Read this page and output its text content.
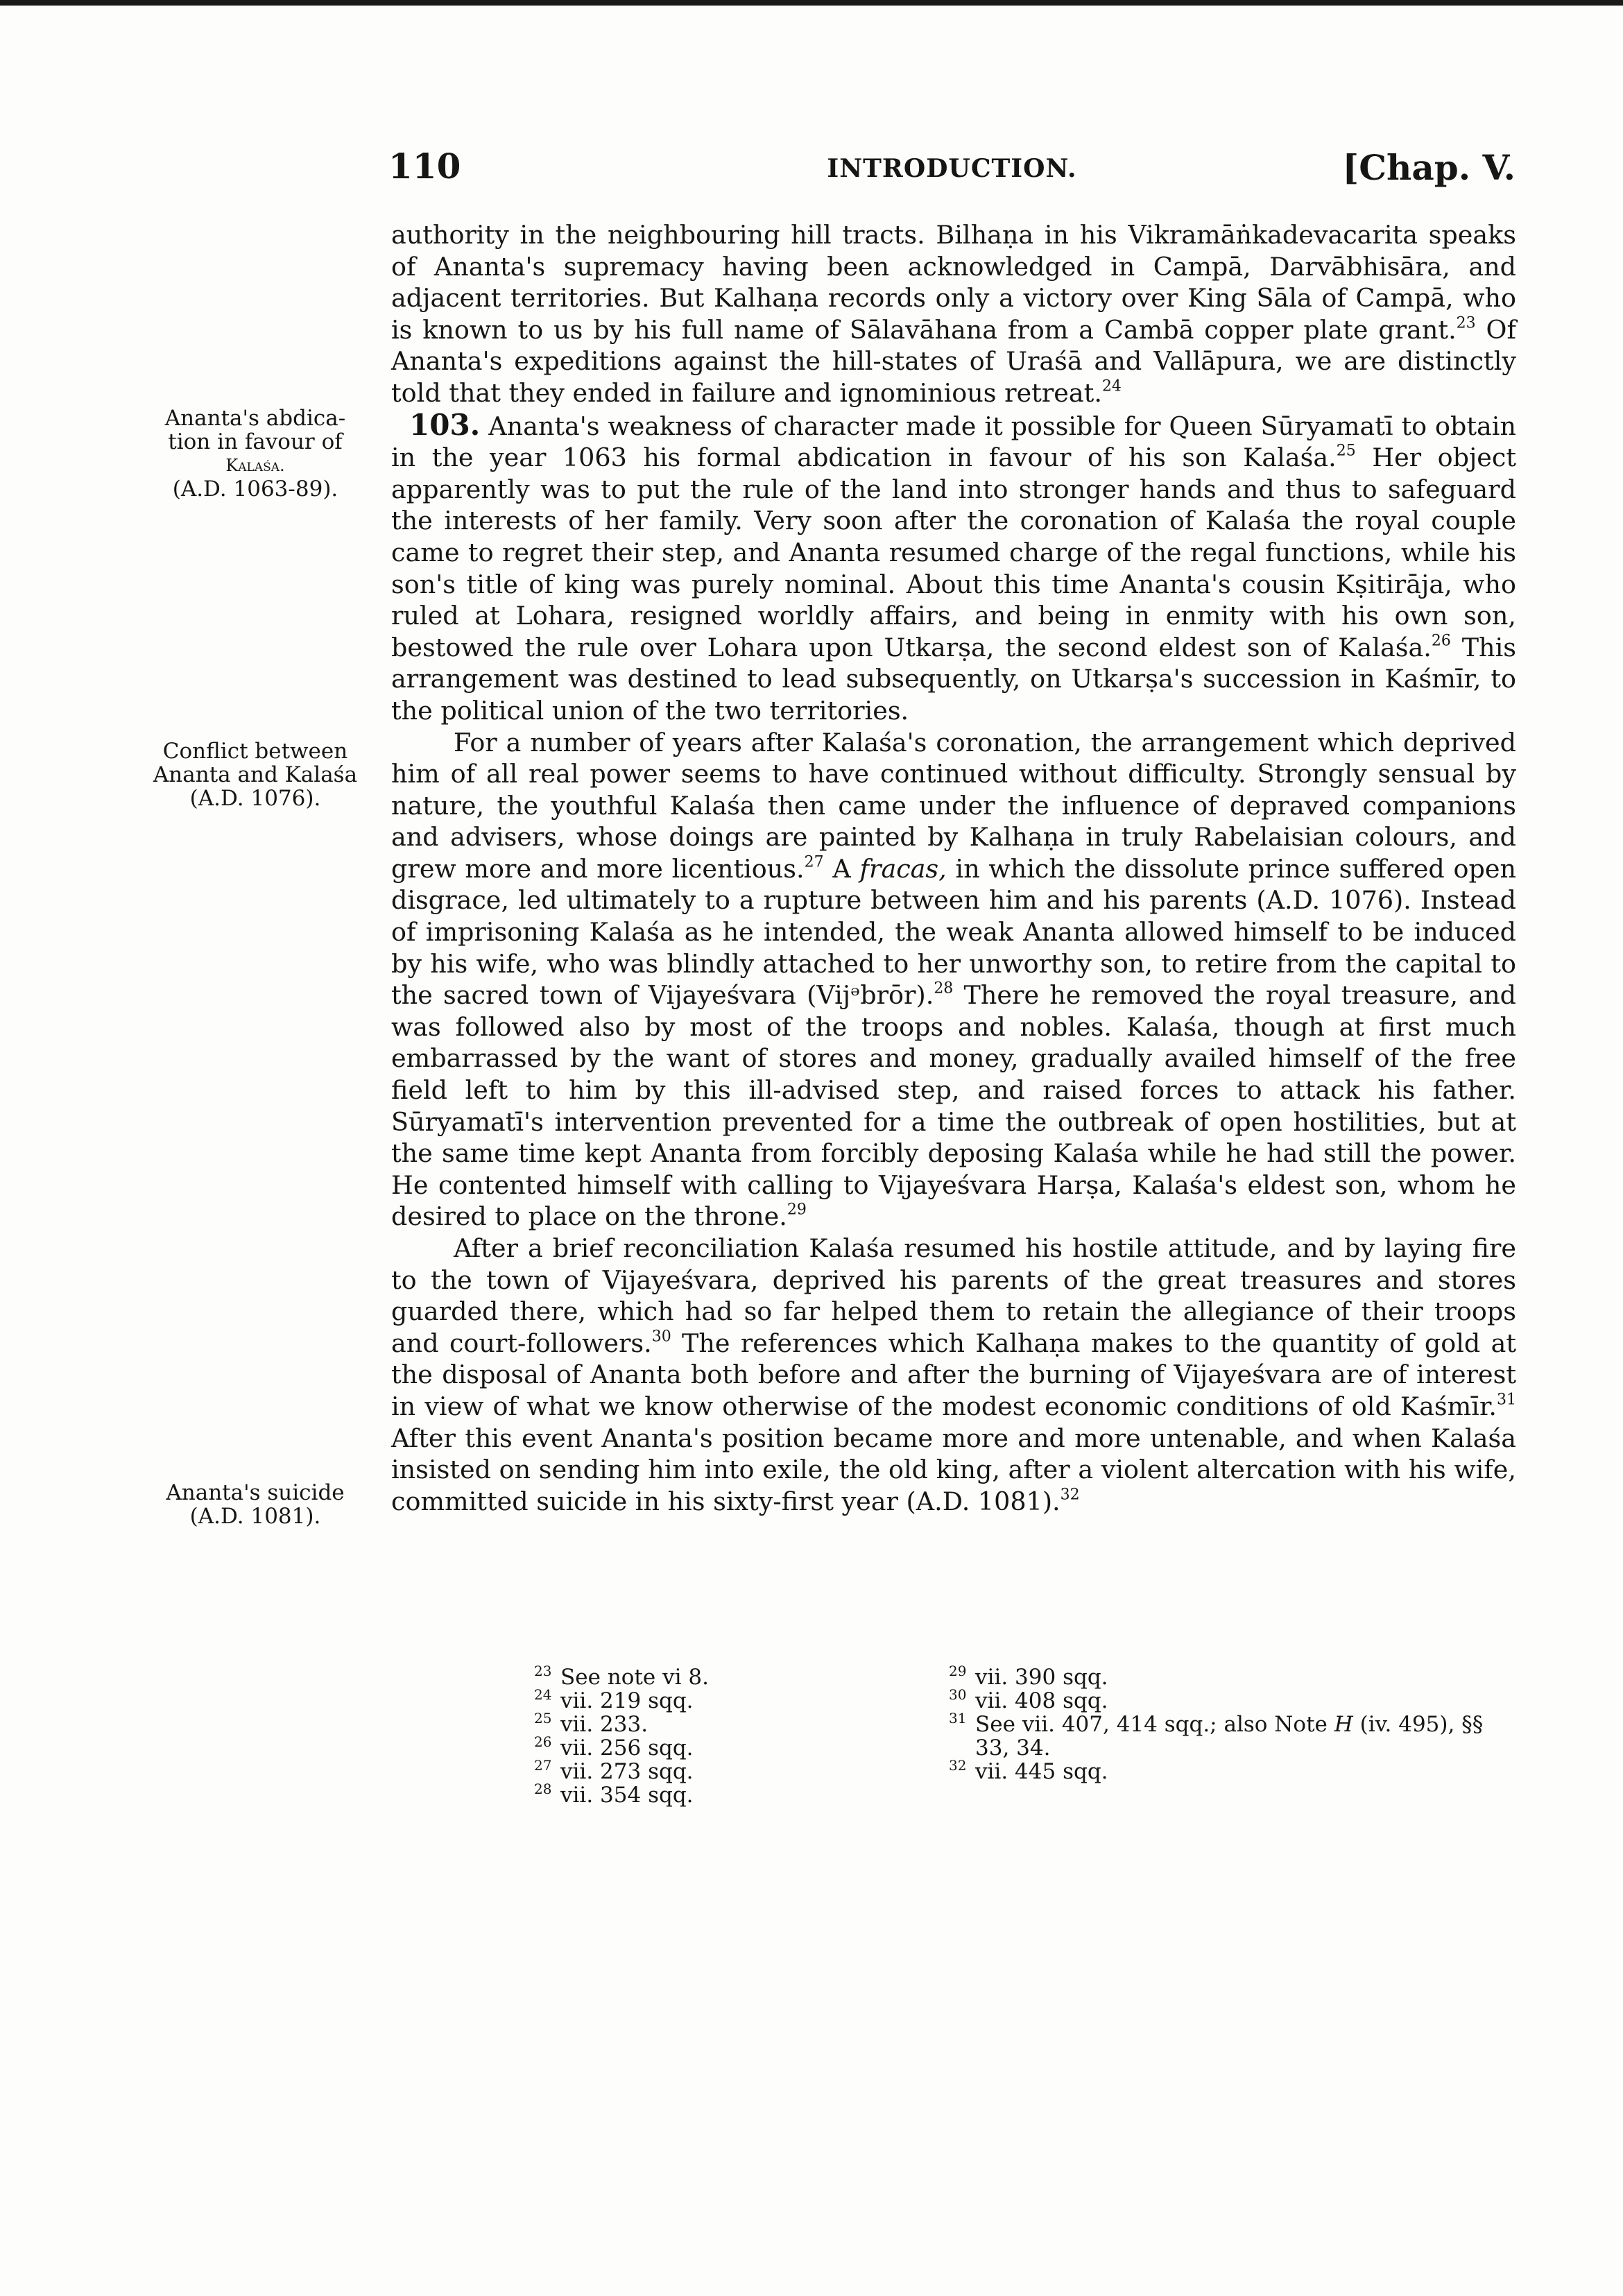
110	INTRODUCTION.	[Chap. V.
Ananta's abdica-
tion in favour of
Kalaśa.
(A.D. 1063-89).
Conflict between
Ananta and Kalaśa
(A.D. 1076).
Ananta's suicide
(A.D. 1081).

authority in the neighbouring hill tracts. Bilhaṇa in his Vikramāṅkadevacarita speaks of Ananta's supremacy having been acknowledged in Campā, Darvābhisāra, and adjacent territories. But Kalhaṇa records only a victory over King Sāla of Campā, who is known to us by his full name of Sālavāhana from a Cambā copper plate grant.$^{23}$ Of Ananta's expeditions against the hill-states of Uraśā and Vallāpura, we are distinctly told that they ended in failure and ignominious retreat.$^{24}$

103. Ananta's weakness of character made it possible for Queen Sūryamatī to obtain in the year 1063 his formal abdication in favour of his son Kalaśa.$^{25}$ Her object apparently was to put the rule of the land into stronger hands and thus to safeguard the interests of her family. Very soon after the coronation of Kalaśa the royal couple came to regret their step, and Ananta resumed charge of the regal functions, while his son's title of king was purely nominal. About this time Ananta's cousin Kṣitirāja, who ruled at Lohara, resigned worldly affairs, and being in enmity with his own son, bestowed the rule over Lohara upon Utkarṣa, the second eldest son of Kalaśa.$^{26}$ This arrangement was destined to lead subsequently, on Utkarṣa's succession in Kaśmīr, to the political union of the two territories.

For a number of years after Kalaśa's coronation, the arrangement which deprived him of all real power seems to have continued without difficulty. Strongly sensual by nature, the youthful Kalaśa then came under the influence of depraved companions and advisers, whose doings are painted by Kalhaṇa in truly Rabelaisian colours, and grew more and more licentious.$^{27}$ A fracas, in which the dissolute prince suffered open disgrace, led ultimately to a rupture between him and his parents (A.D. 1076). Instead of imprisoning Kalaśa as he intended, the weak Ananta allowed himself to be induced by his wife, who was blindly attached to her unworthy son, to retire from the capital to the sacred town of Vijayeśvara (Vijᵊbrōr).$^{28}$ There he removed the royal treasure, and was followed also by most of the troops and nobles. Kalaśa, though at first much embarrassed by the want of stores and money, gradually availed himself of the free field left to him by this ill-advised step, and raised forces to attack his father. Sūryamatī's intervention prevented for a time the outbreak of open hostilities, but at the same time kept Ananta from forcibly deposing Kalaśa while he had still the power. He contented himself with calling to Vijayeśvara Harṣa, Kalaśa's eldest son, whom he desired to place on the throne.$^{29}$

After a brief reconciliation Kalaśa resumed his hostile attitude, and by laying fire to the town of Vijayeśvara, deprived his parents of the great treasures and stores guarded there, which had so far helped them to retain the allegiance of their troops and court-followers.$^{30}$ The references which Kalhaṇa makes to the quantity of gold at the disposal of Ananta both before and after the burning of Vijayeśvara are of interest in view of what we know otherwise of the modest economic conditions of old Kaśmīr.$^{31}$ After this event Ananta's position became more and more untenable, and when Kalaśa insisted on sending him into exile, the old king, after a violent altercation with his wife, committed suicide in his sixty-first year (A.D. 1081).$^{32}$

23 See note vi 8.
24 vii. 219 sqq.
25 vii. 233.
26 vii. 256 sqq.
27 vii. 273 sqq.
28 vii. 354 sqq.
29 vii. 390 sqq.
30 vii. 408 sqq.
31 See vii. 407, 414 sqq.; also Note H (iv. 495), §§ 33, 34.
32 vii. 445 sqq.
